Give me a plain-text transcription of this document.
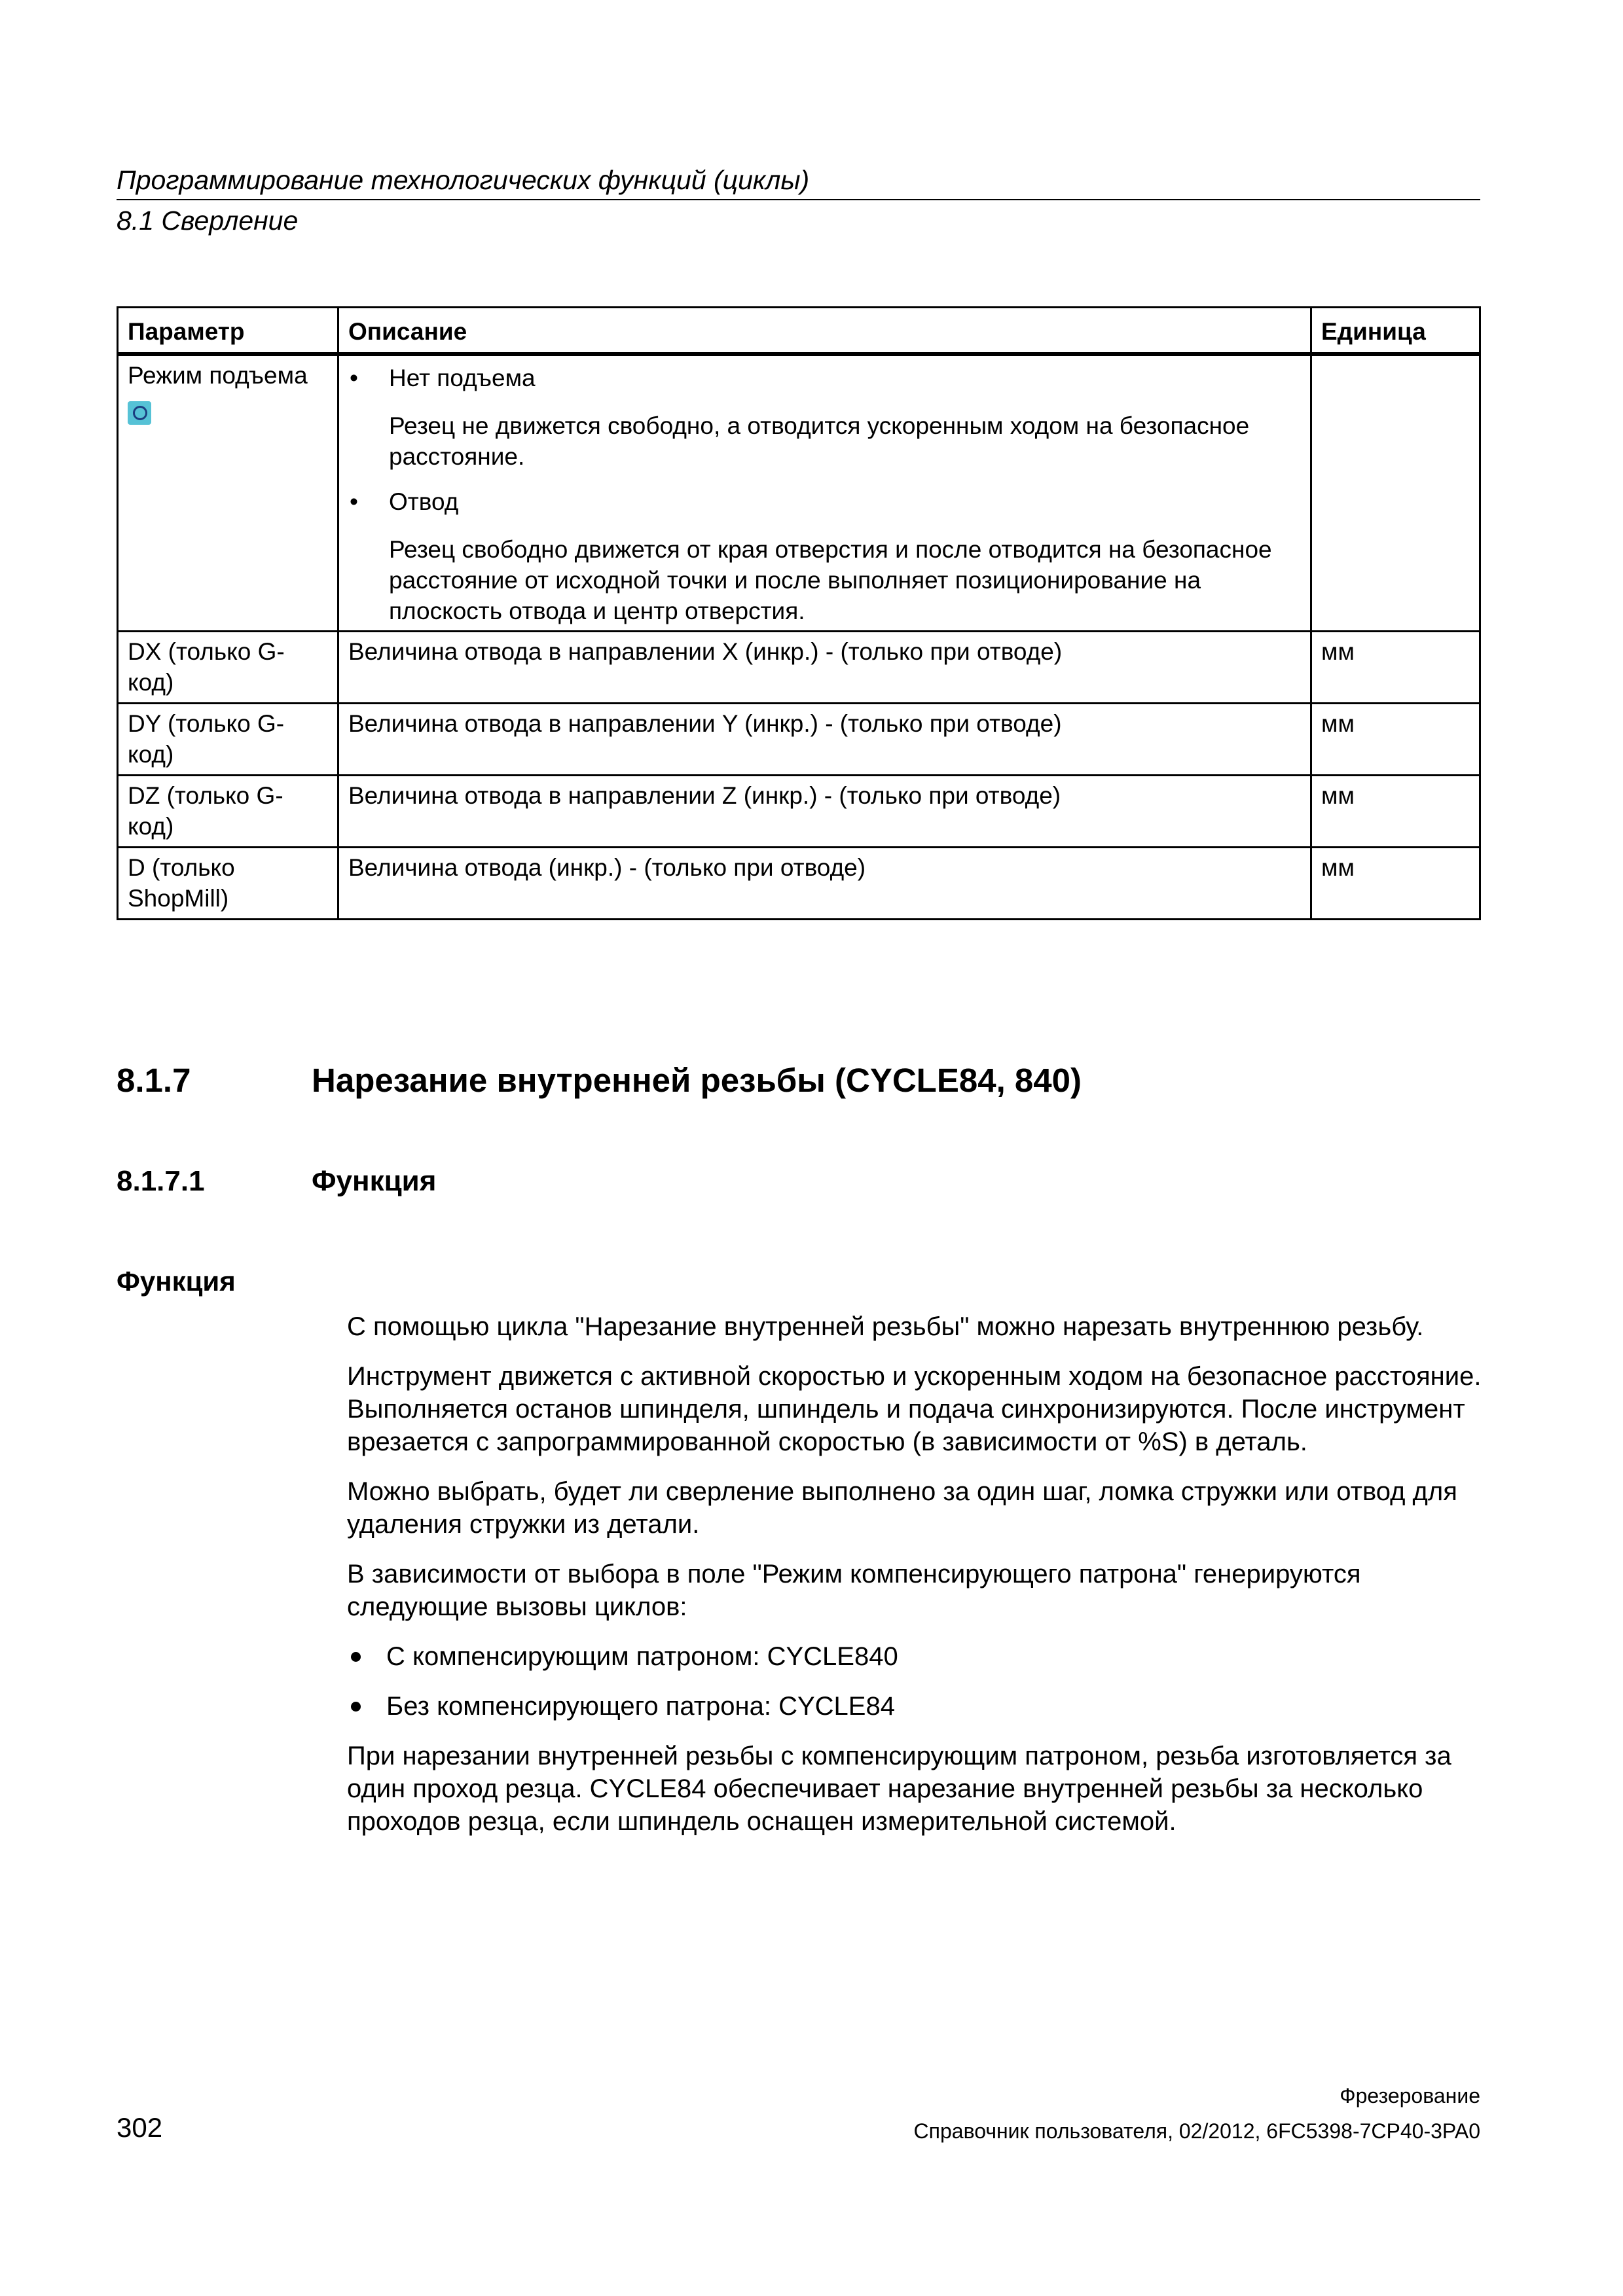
Программирование технологических функций (циклы)
8.1 Сверление
Параметр	Описание	Единица

Режим подъема	• Нет подъема
Резец не движется свободно, а отводится ускоренным ходом на безопасное расстояние.
• Отвод
Резец свободно движется от края отверстия и после отводится на безопасное расстояние от исходной точки и после выполняет позиционирование на плоскость отвода и центр отверстия.

DX (только G-код)	Величина отвода в направлении X (инкр.) - (только при отводе)	мм
DY (только G-код)	Величина отвода в направлении Y (инкр.) - (только при отводе)	мм
DZ (только G-код)	Величина отвода в направлении Z (инкр.) - (только при отводе)	мм
D (только ShopMill)	Величина отвода (инкр.) - (только при отводе)	мм
8.1.7	Нарезание внутренней резьбы (CYCLE84, 840)
8.1.7.1	Функция
Функция

С помощью цикла "Нарезание внутренней резьбы" можно нарезать внутреннюю резьбу.

Инструмент движется с активной скоростью и ускоренным ходом на безопасное расстояние. Выполняется останов шпинделя, шпиндель и подача синхронизируются. После инструмент врезается с запрограммированной скоростью (в зависимости от %S) в деталь.

Можно выбрать, будет ли сверление выполнено за один шаг, ломка стружки или отвод для удаления стружки из детали.

В зависимости от выбора в поле "Режим компенсирующего патрона" генерируются следующие вызовы циклов:

С компенсирующим патроном: CYCLE840
Без компенсирующего патрона: CYCLE84

При нарезании внутренней резьбы с компенсирующим патроном, резьба изготовляется за один проход резца. CYCLE84 обеспечивает нарезание внутренней резьбы за несколько проходов резца, если шпиндель оснащен измерительной системой.

Фрезерование
302	Справочник пользователя, 02/2012, 6FC5398-7CP40-3PA0
